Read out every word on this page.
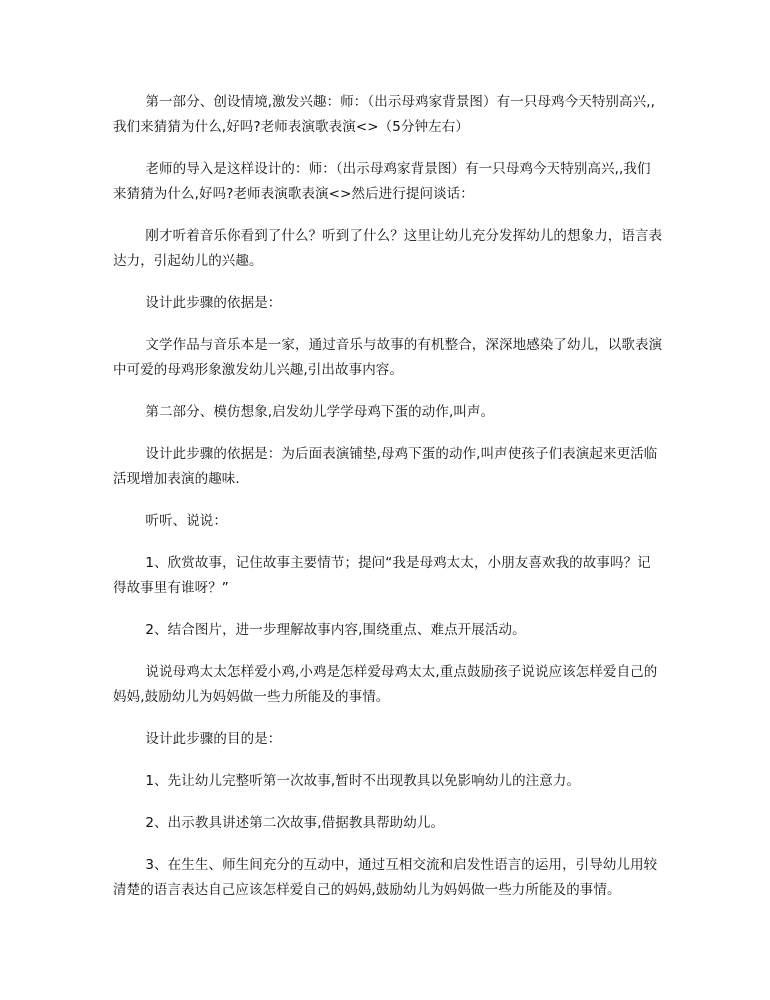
第一部分、创设情境,激发兴趣：师：（出示母鸡家背景图）有一只母鸡今天特别高兴,,我们来猜猜为什么,好吗?老师表演歌表演<>（5分钟左右）

老师的导入是这样设计的：师：（出示母鸡家背景图）有一只母鸡今天特别高兴,,我们来猜猜为什么,好吗?老师表演歌表演<>然后进行提问谈话：

刚才听着音乐你看到了什么？听到了什么？这里让幼儿充分发挥幼儿的想象力，语言表达力，引起幼儿的兴趣。

设计此步骤的依据是：

文学作品与音乐本是一家，通过音乐与故事的有机整合，深深地感染了幼儿，以歌表演中可爱的母鸡形象激发幼儿兴趣,引出故事内容。

第二部分、模仿想象,启发幼儿学学母鸡下蛋的动作,叫声。

设计此步骤的依据是：为后面表演铺垫,母鸡下蛋的动作,叫声使孩子们表演起来更活临活现增加表演的趣味.

听听、说说：

1、欣赏故事，记住故事主要情节；提问“我是母鸡太太，小朋友喜欢我的故事吗？记得故事里有谁呀？”

2、结合图片，进一步理解故事内容,围绕重点、难点开展活动。

说说母鸡太太怎样爱小鸡,小鸡是怎样爱母鸡太太,重点鼓励孩子说说应该怎样爱自己的妈妈,鼓励幼儿为妈妈做一些力所能及的事情。

设计此步骤的目的是：

1、先让幼儿完整听第一次故事,暂时不出现教具以免影响幼儿的注意力。

2、出示教具讲述第二次故事,借据教具帮助幼儿。

3、在生生、师生间充分的互动中，通过互相交流和启发性语言的运用，引导幼儿用较清楚的语言表达自己应该怎样爱自己的妈妈,鼓励幼儿为妈妈做一些力所能及的事情。
